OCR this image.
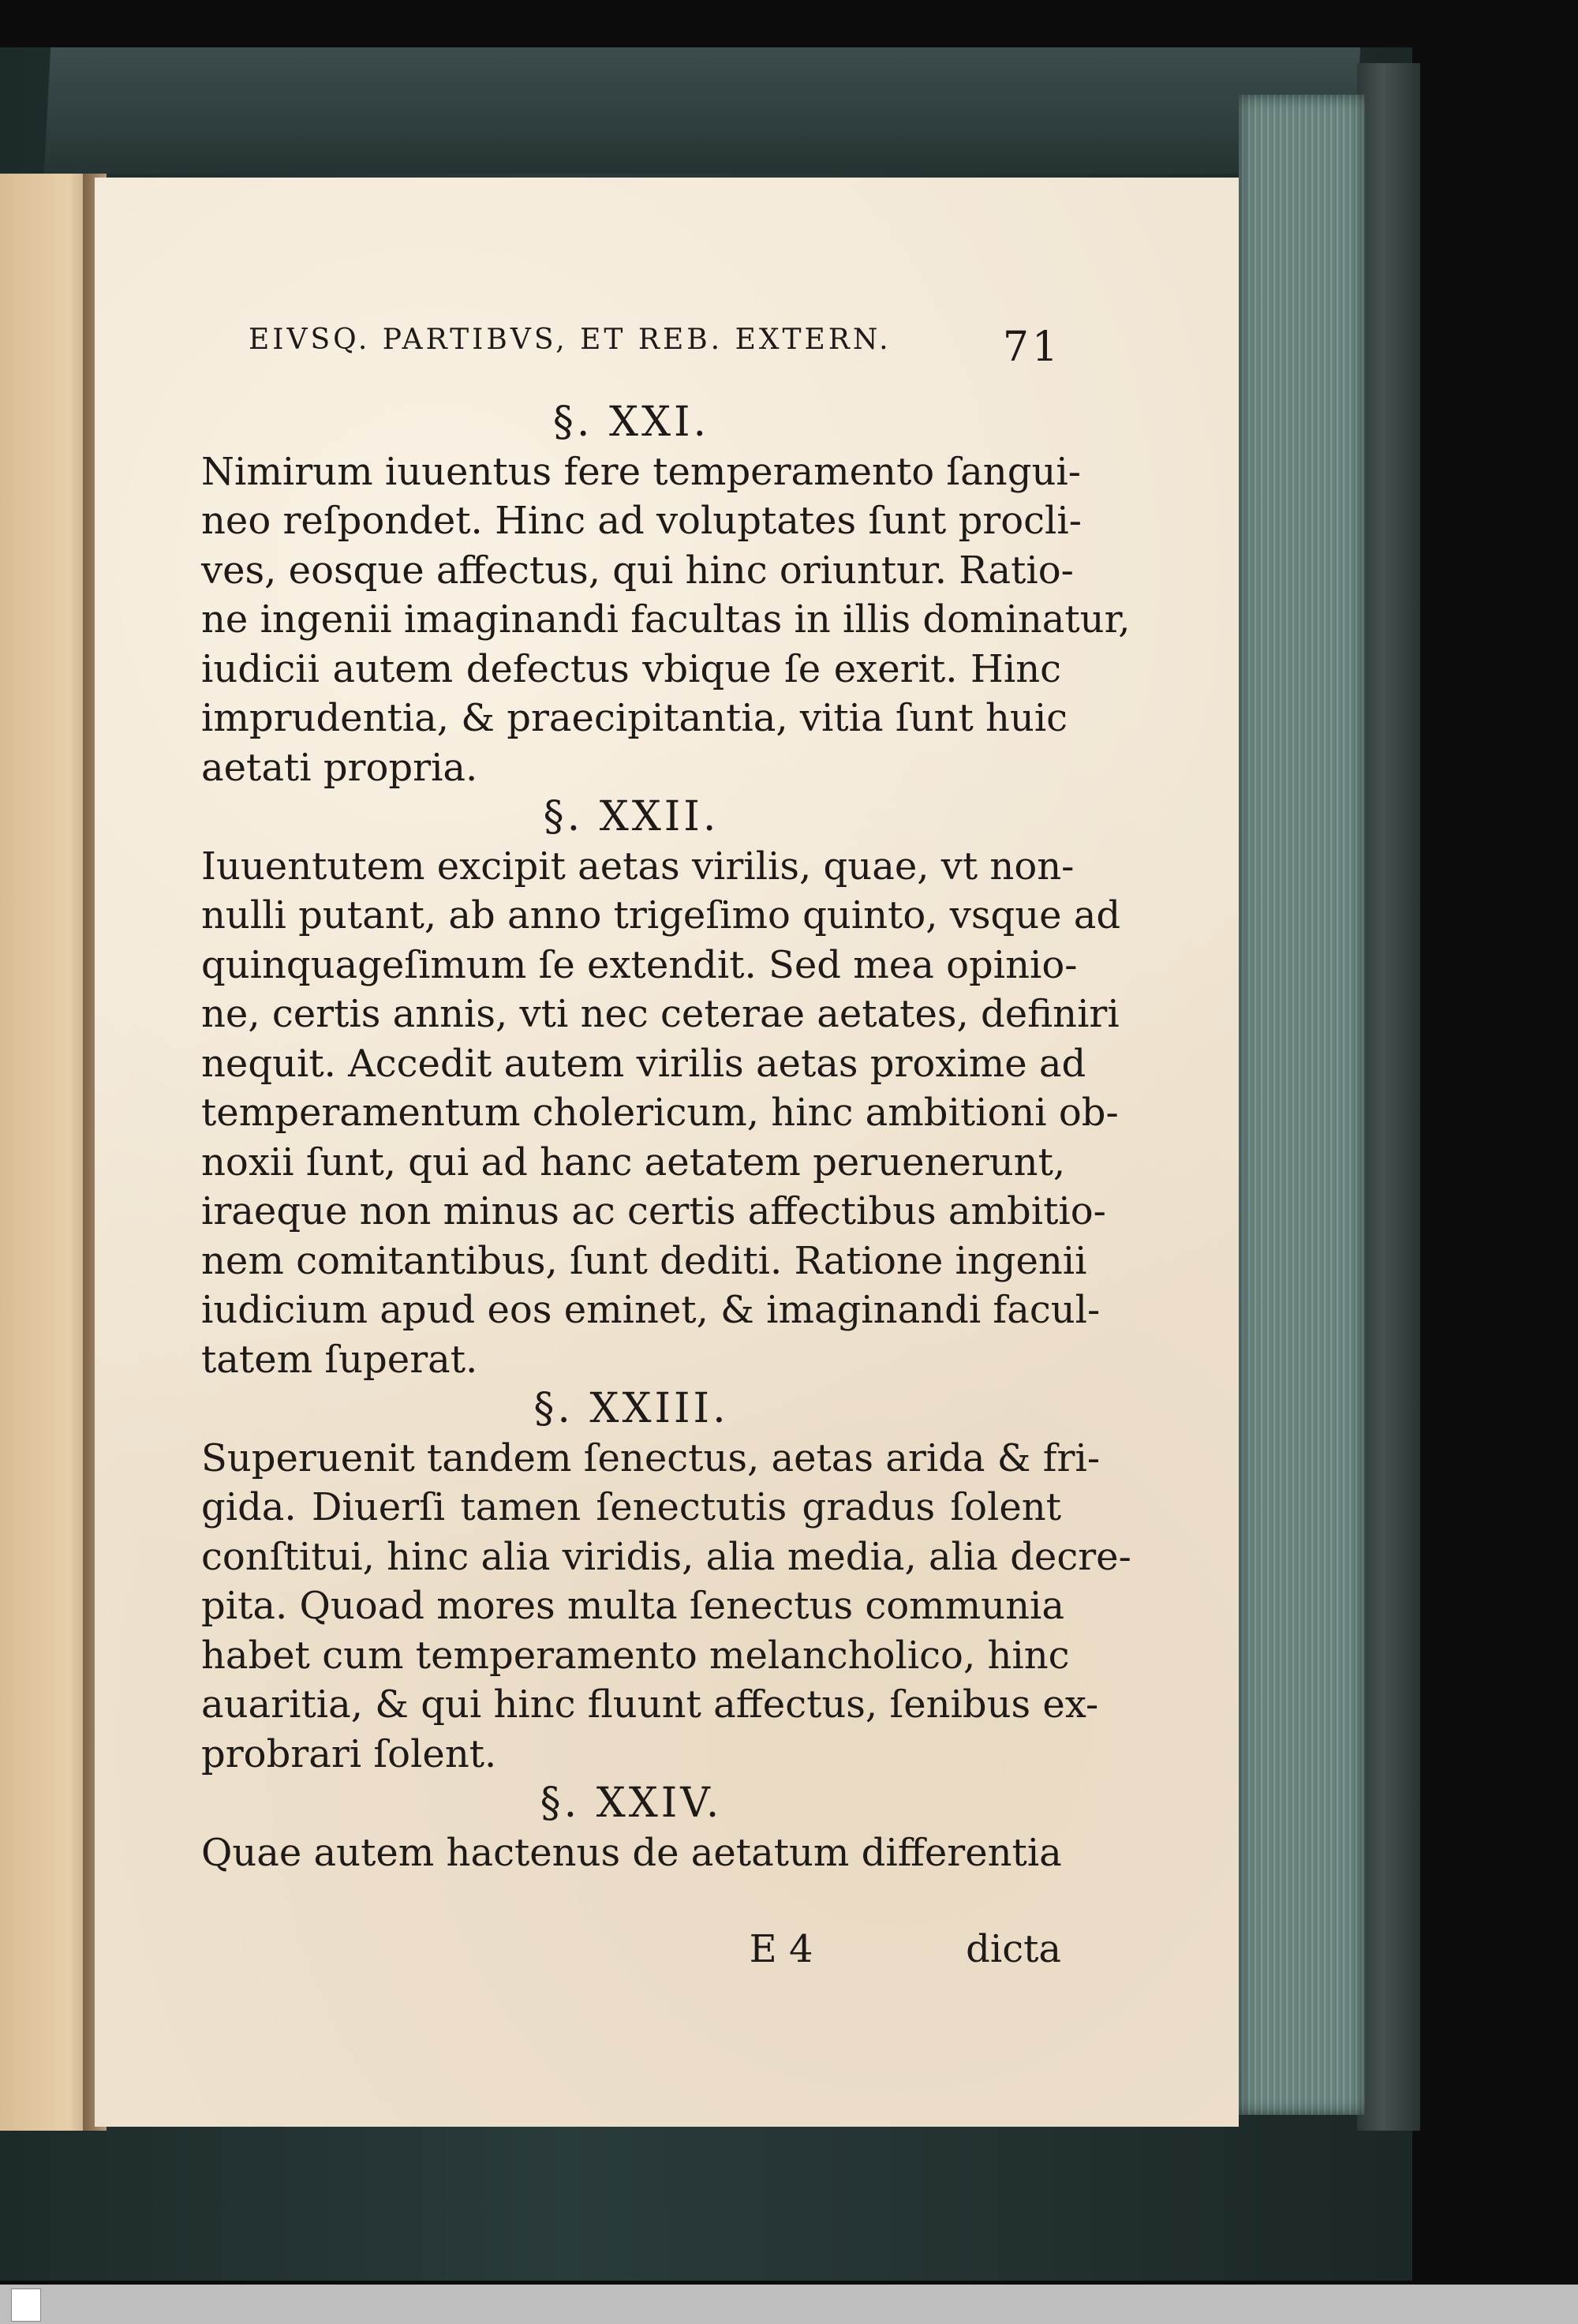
EIVSQ. PARTIBVS, ET REB. EXTERN.	71
§. XXI.
Nimirum iuuentus fere temperamento ſangui-
neo reſpondet. Hinc ad voluptates ſunt procli-
ves, eosque affectus, qui hinc oriuntur. Ratio-
ne ingenii imaginandi facultas in illis dominatur,
iudicii autem defectus vbique ſe exerit. Hinc
imprudentia, & praecipitantia, vitia ſunt huic
aetati propria.
§. XXII.
Iuuentutem excipit aetas virilis, quae, vt non-
nulli putant, ab anno trigeſimo quinto, vsque ad
quinquageſimum ſe extendit. Sed mea opinio-
ne, certis annis, vti nec ceterae aetates, definiri
nequit. Accedit autem virilis aetas proxime ad
temperamentum cholericum, hinc ambitioni ob-
noxii ſunt, qui ad hanc aetatem peruenerunt,
iraeque non minus ac certis affectibus ambitio-
nem comitantibus, ſunt dediti. Ratione ingenii
iudicium apud eos eminet, & imaginandi facul-
tatem ſuperat.
§. XXIII.
Superuenit tandem ſenectus, aetas arida & fri-
gida. Diuerſi tamen ſenectutis gradus ſolent
conſtitui, hinc alia viridis, alia media, alia decre-
pita. Quoad mores multa ſenectus communia
habet cum temperamento melancholico, hinc
auaritia, & qui hinc fluunt affectus, ſenibus ex-
probrari ſolent.
§. XXIV.
Quae autem hactenus de aetatum differentia
E 4	dicta
